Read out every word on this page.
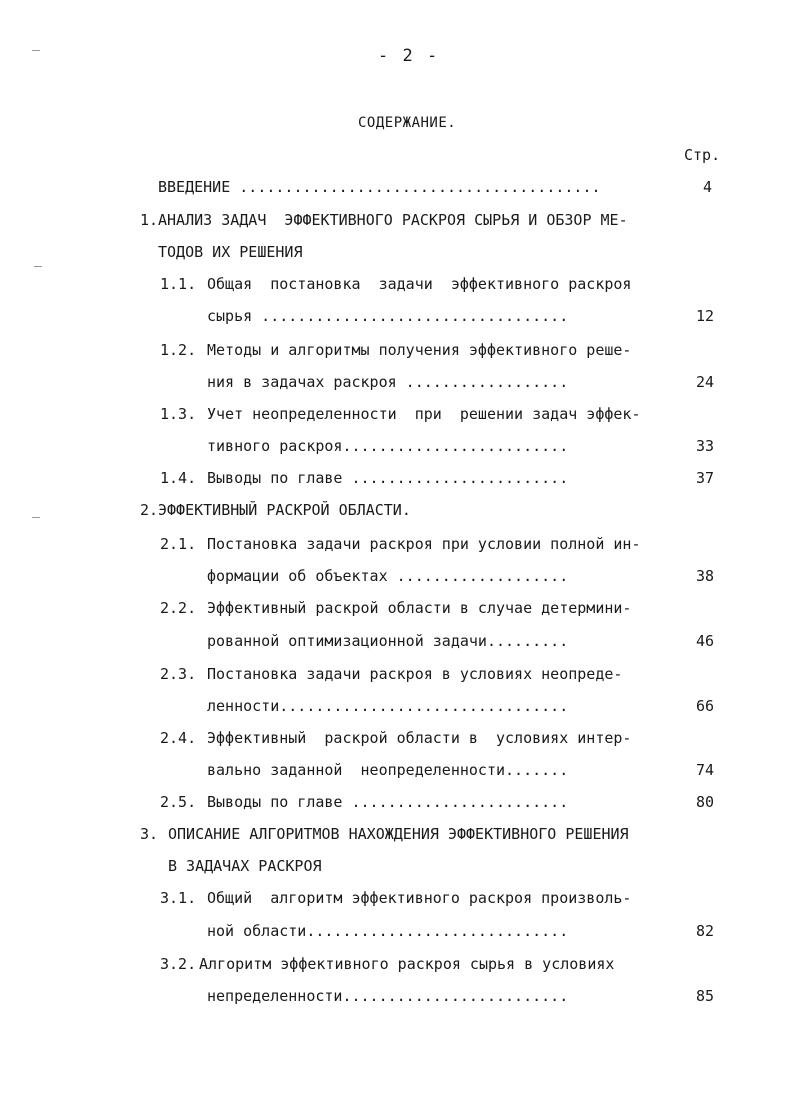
- 2 -
СОДЕРЖАНИЕ.
Стр.
ВВЕДЕНИЕ ........................................	4
1. АНАЛИЗ ЗАДАЧ  ЭФФЕКТИВНОГО РАСКРОЯ СЫРЬЯ И ОБЗОР МЕ-
ТОДОВ ИХ РЕШЕНИЯ
1.1. Общая  постановка  задачи  эффективного раскроя
сырья ..................................	12
1.2. Методы и алгоритмы получения эффективного реше-
ния в задачах раскроя ..................	24
1.3. Учет неопределенности  при  решении задач эффек-
тивного раскроя.........................	33
1.4. Выводы по главе ........................	37
2. ЭФФЕКТИВНЫЙ РАСКРОЙ ОБЛАСТИ.
2.1. Постановка задачи раскроя при условии полной ин-
формации об объектах ...................	38
2.2. Эффективный раскрой области в случае детермини-
рованной оптимизационной задачи.........	46
2.3. Постановка задачи раскроя в условиях неопреде-
ленности................................	66
2.4. Эффективный  раскрой области в  условиях интер-
вально заданной  неопределенности.......	74
2.5. Выводы по главе ........................	80
3. ОПИСАНИЕ АЛГОРИТМОВ НАХОЖДЕНИЯ ЭФФЕКТИВНОГО РЕШЕНИЯ
В ЗАДАЧАХ РАСКРОЯ
3.1. Общий  алгоритм эффективного раскроя произволь-
ной области.............................	82
3.2. Алгоритм эффективного раскроя сырья в условиях
непределенности.........................	85
